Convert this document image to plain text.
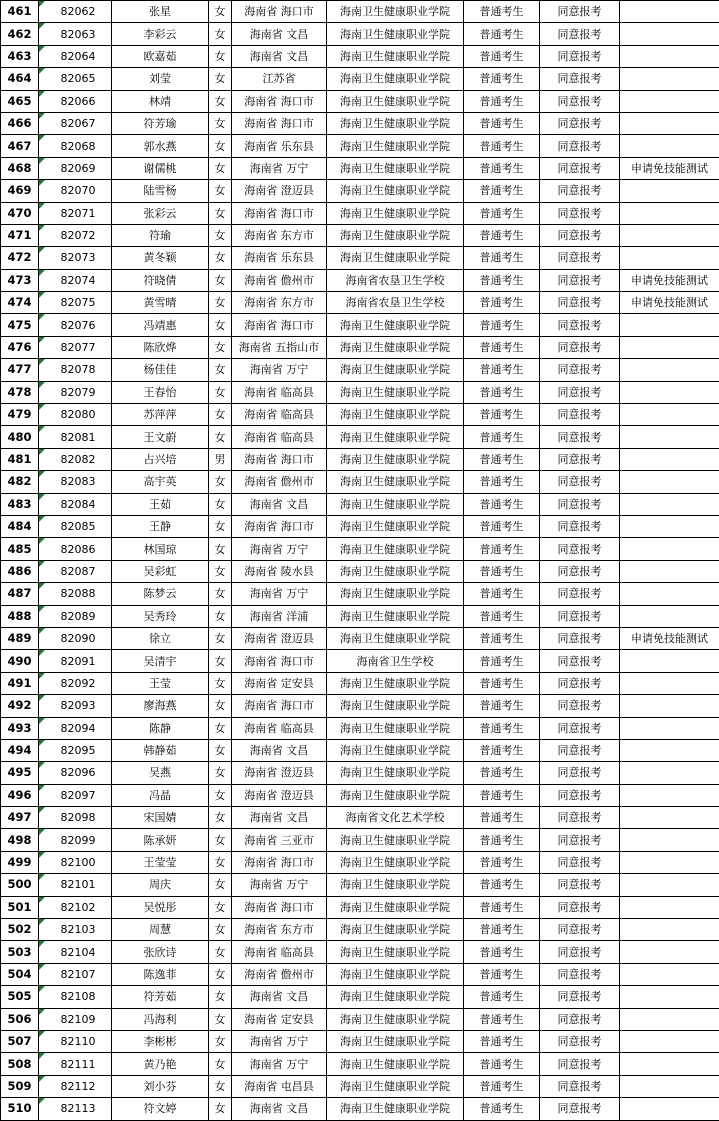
461	82062	张星	女	海南省 海口市	海南卫生健康职业学院	普通考生	同意报考	
462	82063	李彩云	女	海南省 文昌	海南卫生健康职业学院	普通考生	同意报考	
463	82064	欧嘉茹	女	海南省 文昌	海南卫生健康职业学院	普通考生	同意报考	
464	82065	刘莹	女	江苏省	海南卫生健康职业学院	普通考生	同意报考	
465	82066	林靖	女	海南省 海口市	海南卫生健康职业学院	普通考生	同意报考	
466	82067	符芳瑜	女	海南省 海口市	海南卫生健康职业学院	普通考生	同意报考	
467	82068	郭水燕	女	海南省 乐东县	海南卫生健康职业学院	普通考生	同意报考	
468	82069	谢儒桃	女	海南省 万宁	海南卫生健康职业学院	普通考生	同意报考	申请免技能测试
469	82070	陆雪杨	女	海南省 澄迈县	海南卫生健康职业学院	普通考生	同意报考	
470	82071	张彩云	女	海南省 海口市	海南卫生健康职业学院	普通考生	同意报考	
471	82072	符瑜	女	海南省 东方市	海南卫生健康职业学院	普通考生	同意报考	
472	82073	黄冬颖	女	海南省 乐东县	海南卫生健康职业学院	普通考生	同意报考	
473	82074	符晓倩	女	海南省 儋州市	海南省农垦卫生学校	普通考生	同意报考	申请免技能测试
474	82075	黄雪晴	女	海南省 东方市	海南省农垦卫生学校	普通考生	同意报考	申请免技能测试
475	82076	冯靖惠	女	海南省 海口市	海南卫生健康职业学院	普通考生	同意报考	
476	82077	陈欣烨	女	海南省 五指山市	海南卫生健康职业学院	普通考生	同意报考	
477	82078	杨佳佳	女	海南省 万宁	海南卫生健康职业学院	普通考生	同意报考	
478	82079	王春怡	女	海南省 临高县	海南卫生健康职业学院	普通考生	同意报考	
479	82080	苏萍萍	女	海南省 临高县	海南卫生健康职业学院	普通考生	同意报考	
480	82081	王文蔚	女	海南省 临高县	海南卫生健康职业学院	普通考生	同意报考	
481	82082	占兴培	男	海南省 海口市	海南卫生健康职业学院	普通考生	同意报考	
482	82083	高宇英	女	海南省 儋州市	海南卫生健康职业学院	普通考生	同意报考	
483	82084	王茹	女	海南省 文昌	海南卫生健康职业学院	普通考生	同意报考	
484	82085	王静	女	海南省 海口市	海南卫生健康职业学院	普通考生	同意报考	
485	82086	林国琼	女	海南省 万宁	海南卫生健康职业学院	普通考生	同意报考	
486	82087	吴彩虹	女	海南省 陵水县	海南卫生健康职业学院	普通考生	同意报考	
487	82088	陈梦云	女	海南省 万宁	海南卫生健康职业学院	普通考生	同意报考	
488	82089	吴秀玲	女	海南省 洋浦	海南卫生健康职业学院	普通考生	同意报考	
489	82090	徐立	女	海南省 澄迈县	海南卫生健康职业学院	普通考生	同意报考	申请免技能测试
490	82091	吴清宇	女	海南省 海口市	海南省卫生学校	普通考生	同意报考	
491	82092	王莹	女	海南省 定安县	海南卫生健康职业学院	普通考生	同意报考	
492	82093	廖海燕	女	海南省 海口市	海南卫生健康职业学院	普通考生	同意报考	
493	82094	陈静	女	海南省 临高县	海南卫生健康职业学院	普通考生	同意报考	
494	82095	韩静茹	女	海南省 文昌	海南卫生健康职业学院	普通考生	同意报考	
495	82096	吴燕	女	海南省 澄迈县	海南卫生健康职业学院	普通考生	同意报考	
496	82097	冯晶	女	海南省 澄迈县	海南卫生健康职业学院	普通考生	同意报考	
497	82098	宋国婧	女	海南省 文昌	海南省文化艺术学校	普通考生	同意报考	
498	82099	陈承妍	女	海南省 三亚市	海南卫生健康职业学院	普通考生	同意报考	
499	82100	王莹莹	女	海南省 海口市	海南卫生健康职业学院	普通考生	同意报考	
500	82101	周庆	女	海南省 万宁	海南卫生健康职业学院	普通考生	同意报考	
501	82102	吴悦彤	女	海南省 海口市	海南卫生健康职业学院	普通考生	同意报考	
502	82103	周慧	女	海南省 东方市	海南卫生健康职业学院	普通考生	同意报考	
503	82104	张欣诗	女	海南省 临高县	海南卫生健康职业学院	普通考生	同意报考	
504	82107	陈逸菲	女	海南省 儋州市	海南卫生健康职业学院	普通考生	同意报考	
505	82108	符芳茹	女	海南省 文昌	海南卫生健康职业学院	普通考生	同意报考	
506	82109	冯海利	女	海南省 定安县	海南卫生健康职业学院	普通考生	同意报考	
507	82110	李彬彬	女	海南省 万宁	海南卫生健康职业学院	普通考生	同意报考	
508	82111	黄乃艳	女	海南省 万宁	海南卫生健康职业学院	普通考生	同意报考	
509	82112	刘小芬	女	海南省 屯昌县	海南卫生健康职业学院	普通考生	同意报考	
510	82113	符文婷	女	海南省 文昌	海南卫生健康职业学院	普通考生	同意报考	
